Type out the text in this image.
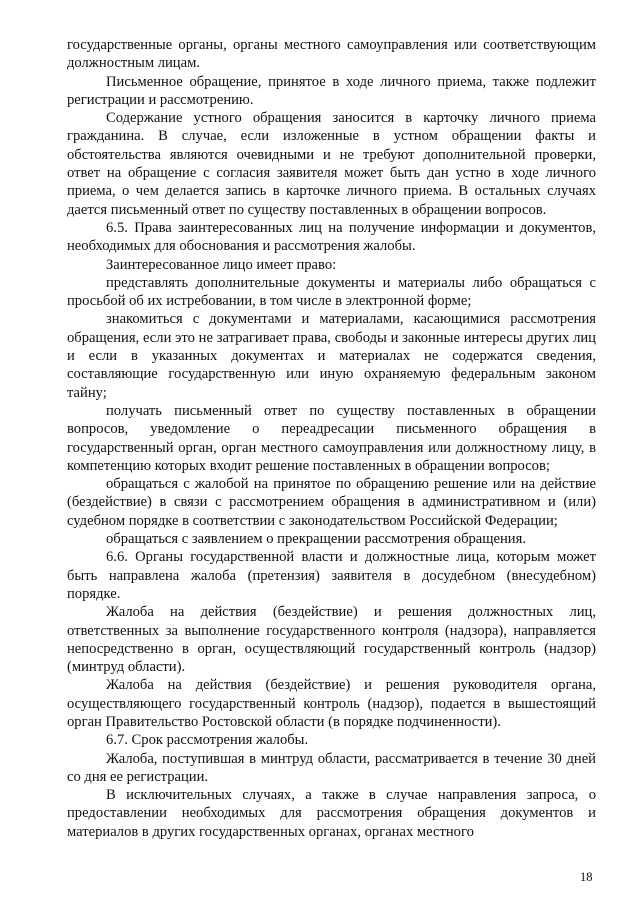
государственные органы, органы местного самоуправления или соответствующим должностным лицам.

Письменное обращение, принятое в ходе личного приема, также подлежит регистрации и рассмотрению.

Содержание устного обращения заносится в карточку личного приема гражданина. В случае, если изложенные в устном обращении факты и обстоятельства являются очевидными и не требуют дополнительной проверки, ответ на обращение с согласия заявителя может быть дан устно в ходе личного приема, о чем делается запись в карточке личного приема. В остальных случаях дается письменный ответ по существу поставленных в обращении вопросов.

6.5. Права заинтересованных лиц на получение информации и документов, необходимых для обоснования и рассмотрения жалобы.

Заинтересованное лицо имеет право:

представлять дополнительные документы и материалы либо обращаться с просьбой об их истребовании, в том числе в электронной форме;

знакомиться с документами и материалами, касающимися рассмотрения обращения, если это не затрагивает права, свободы и законные интересы других лиц и если в указанных документах и материалах не содержатся сведения, составляющие государственную или иную охраняемую федеральным законом тайну;

получать письменный ответ по существу поставленных в обращении вопросов, уведомление о переадресации письменного обращения в государственный орган, орган местного самоуправления или должностному лицу, в компетенцию которых входит решение поставленных в обращении вопросов;

обращаться с жалобой на принятое по обращению решение или на действие (бездействие) в связи с рассмотрением обращения в административном и (или) судебном порядке в соответствии с законодательством Российской Федерации;

обращаться с заявлением о прекращении рассмотрения обращения.

6.6. Органы государственной власти и должностные лица, которым может быть направлена жалоба (претензия) заявителя в досудебном (внесудебном) порядке.

Жалоба на действия (бездействие) и решения должностных лиц, ответственных за выполнение государственного контроля (надзора), направляется непосредственно в орган, осуществляющий государственный контроль (надзор) (минтруд области).

Жалоба на действия (бездействие) и решения руководителя органа, осуществляющего государственный контроль (надзор), подается в вышестоящий орган Правительство Ростовской области (в порядке подчиненности).

6.7. Срок рассмотрения жалобы.

Жалоба, поступившая в минтруд области, рассматривается в течение 30 дней со дня ее регистрации.

В исключительных случаях, а также в случае направления запроса, о предоставлении необходимых для рассмотрения обращения документов и материалов в других государственных органах, органах местного

18
